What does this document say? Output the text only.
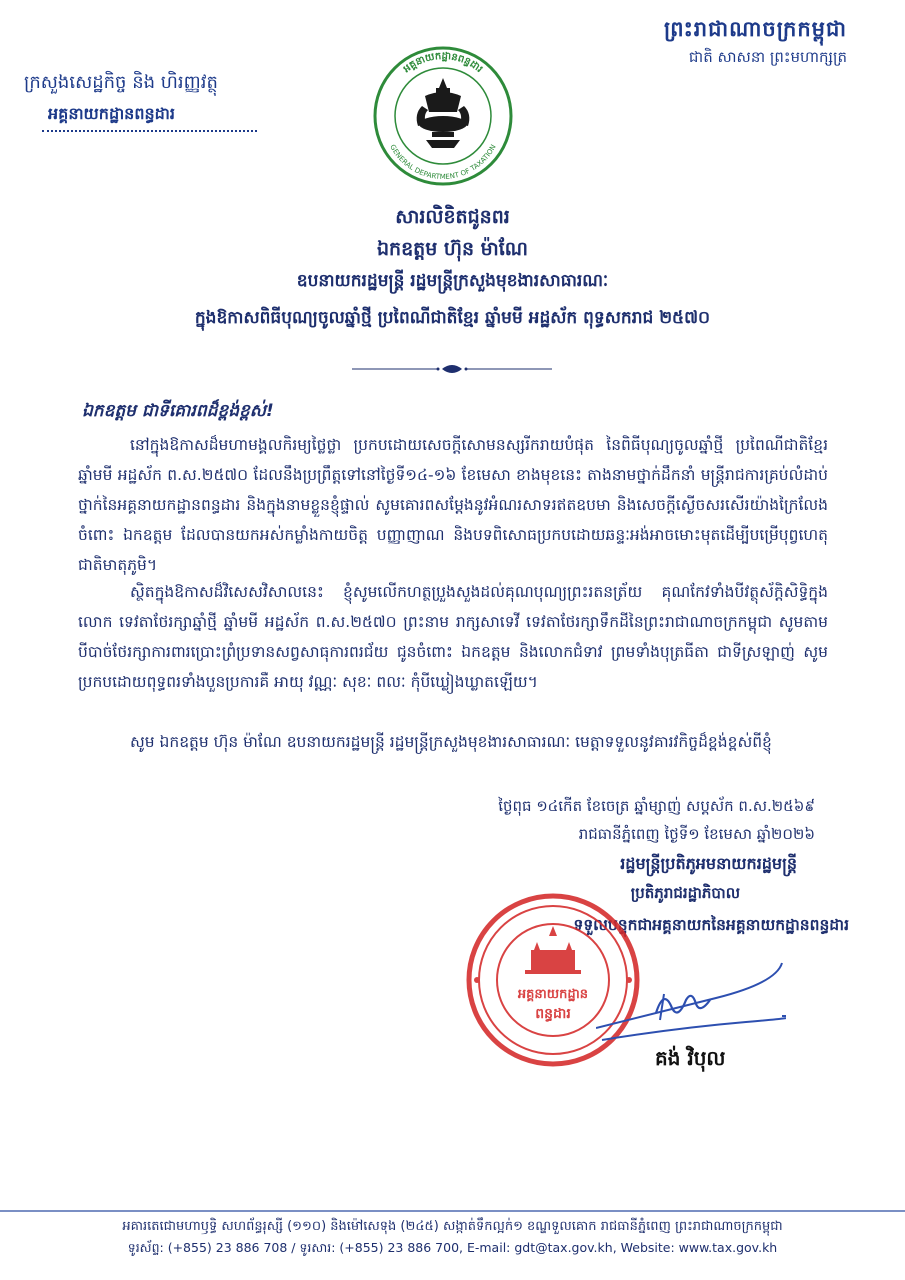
ព្រះរាជាណាចក្រកម្ពុជា
ជាតិ សាសនា ព្រះមហាក្សត្រ
ក្រសួងសេដ្ឋកិច្ច និង ហិរញ្ញវត្ថុ
អគ្គនាយកដ្ឋានពន្ធដារ
អគ្គនាយកដ្ឋានពន្ធដារ
GENERAL DEPARTMENT OF TAXATION
សារលិខិតជូនពរ
ឯកឧត្តម ហ៊ុន ម៉ាណែ
ឧបនាយករដ្ឋមន្ត្រី រដ្ឋមន្ត្រីក្រសួងមុខងារសាធារណៈ
ក្នុងឱកាសពិធីបុណ្យចូលឆ្នាំថ្មី ប្រពៃណីជាតិខ្មែរ ឆ្នាំមមី អដ្ឋស័ក ពុទ្ធសករាជ ២៥៧០
ឯកឧត្តម ជាទីគោរពដ៏ខ្ពង់ខ្ពស់!
នៅក្នុងឱកាសដ៏មហាមង្គលកិរម្យថ្លៃថ្លា ប្រកបដោយសេចក្តីសោមនស្សរីករាយបំផុត នៃពិធីបុណ្យចូលឆ្នាំថ្មី ប្រពៃណីជាតិខ្មែរ ឆ្នាំមមី អដ្ឋស័ក ព.ស.២៥៧០ ដែលនឹងប្រព្រឹត្តទៅនៅថ្ងៃទី១៤-១៦ ខែមេសា ខាងមុខនេះ តាងនាមថ្នាក់ដឹកនាំ មន្ត្រីរាជការគ្រប់លំដាប់ថ្នាក់នៃអគ្គនាយកដ្ឋានពន្ធដារ និងក្នុងនាមខ្លួនខ្ញុំផ្ទាល់ សូមគោរពសម្តែងនូវអំណរសាទរឥតឧបមា និងសេចក្តីស្ងើចសរសើរយ៉ាងក្រៃលែងចំពោះ ឯកឧត្តម ដែលបានយកអស់កម្លាំងកាយចិត្ត បញ្ញាញាណ និងបទពិសោធប្រកបដោយឆន្ទៈអង់អាចមោះមុតដើម្បីបម្រើបុព្វហេតុជាតិមាតុភូមិ។
ស្ថិតក្នុងឱកាសដ៏វិសេសវិសាលនេះ ខ្ញុំសូមលើកហត្ថប្រួងសួងដល់គុណបុណ្យព្រះរតនត្រ័យ គុណកែវទាំងបីវត្ថុស័ក្តិសិទ្ធិក្នុងលោក ទេវតាថែរក្សាឆ្នាំថ្មី ឆ្នាំមមី អដ្ឋស័ក ព.ស.២៥៧០ ព្រះនាម រាក្សសាទេវី ទេវតាថែរក្សាទឹកដីនៃព្រះរាជាណាចក្រកម្ពុជា សូមតាមបីបាច់ថែរក្សាការពារប្រោះព្រំប្រទានសព្វសាធុការពរជ័យ ជូនចំពោះ ឯកឧត្តម និងលោកជំទាវ ព្រមទាំងបុត្រធីតា ជាទីស្រឡាញ់ សូមប្រកបដោយពុទ្ធពរទាំងបួនប្រការគឺ អាយុ វណ្ណៈ សុខៈ ពលៈ កុំបីឃ្លៀងឃ្លាតឡើយ។
សូម ឯកឧត្តម ហ៊ុន ម៉ាណែ ឧបនាយករដ្ឋមន្ត្រី រដ្ឋមន្ត្រីក្រសួងមុខងារសាធារណៈ មេត្តាទទួលនូវគារវកិច្ចដ៏ខ្ពង់ខ្ពស់ពីខ្ញុំ
ថ្ងៃពុធ ១៤កើត ខែចេត្រ ឆ្នាំម្សាញ់ សប្តស័ក ព.ស.២៥៦៩
រាជធានីភ្នំពេញ ថ្ងៃទី១ ខែមេសា ឆ្នាំ២០២៦
រដ្ឋមន្ត្រីប្រតិភូអមនាយករដ្ឋមន្ត្រី
ប្រតិភូរាជរដ្ឋាភិបាល
ទទួលបន្ទុកជាអគ្គនាយកនៃអគ្គនាយកដ្ឋានពន្ធដារ
អគ្គនាយកដ្ឋាន
ពន្ធដារ
គង់ វិបុល
អគារតេជោមហាឫទ្ធិ សហព័ន្ធរុស្សី (១១០) និងម៉ៅសេទុង (២៤៥) សង្កាត់ទឹកល្អក់១ ខណ្ឌទួលគោក រាជធានីភ្នំពេញ ព្រះរាជាណាចក្រកម្ពុជា
ទូរស័ព្ទ: (+855) 23 886 708 / ទូរសារ: (+855) 23 886 700, E-mail: gdt@tax.gov.kh, Website: www.tax.gov.kh
